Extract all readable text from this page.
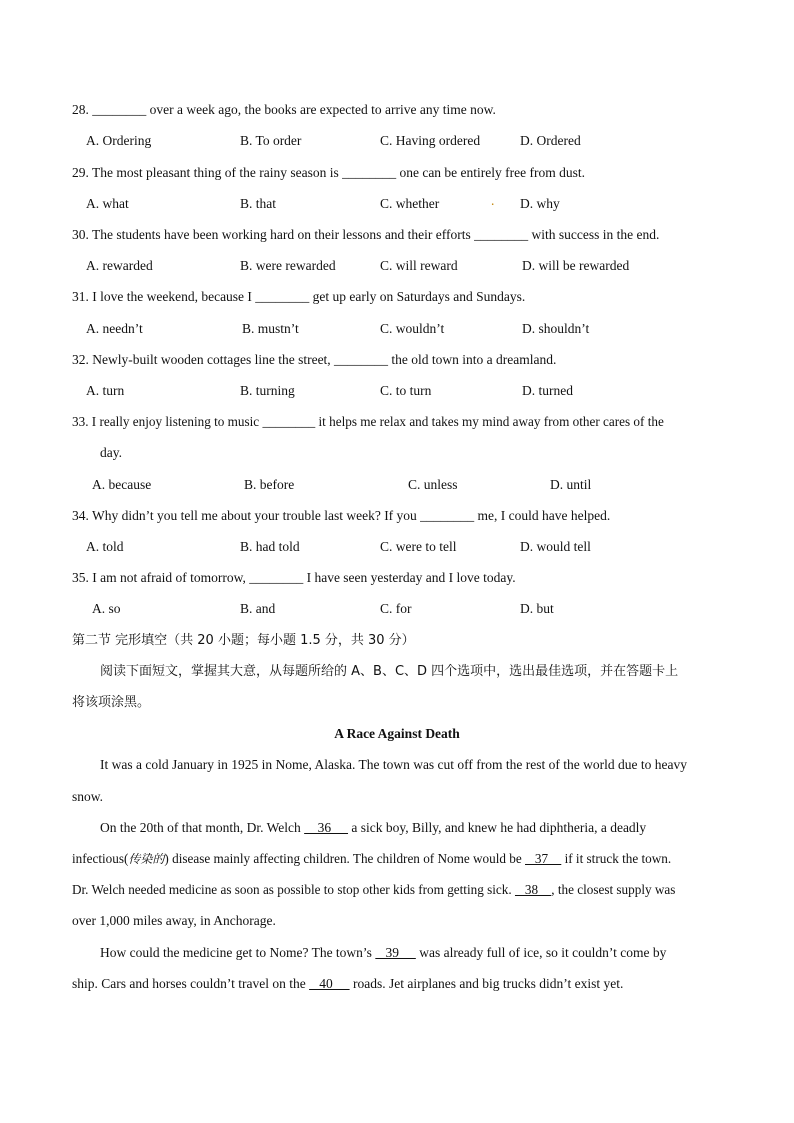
28. ________ over a week ago, the books are expected to arrive any time now.
A. Ordering	B. To order	C. Having ordered	D. Ordered
29. The most pleasant thing of the rainy season is ________ one can be entirely free from dust.
A. what	B. that	C. whether	. D. why
30. The students have been working hard on their lessons and their efforts ________ with success in the end.
A. rewarded	B. were rewarded	C. will reward	D. will be rewarded
31. I love the weekend, because I ________ get up early on Saturdays and Sundays.
A. needn’t	B. mustn’t	C. wouldn’t	D. shouldn’t
32. Newly-built wooden cottages line the street, ________ the old town into a dreamland.
A. turn	B. turning	C. to turn	D. turned
33. I really enjoy listening to music ________ it helps me relax and takes my mind away from other cares of the
day.
A. because	B. before	C. unless	D. until
34. Why didn’t you tell me about your trouble last week? If you ________ me, I could have helped.
A. told	B. had told	C. were to tell	D. would tell
35. I am not afraid of tomorrow, ________ I have seen yesterday and I love today.
A. so	B. and	C. for	D. but
第二节 完形填空（共 20 小题；每小题 1.5 分，共 30 分）
阅读下面短文，掌握其大意，从每题所给的 A、B、C、D 四个选项中，选出最佳选项，并在答题卡上
将该项涂黑。
A Race Against Death
It was a cold January in 1925 in Nome, Alaska. The town was cut off from the rest of the world due to heavy
snow.
On the 20th of that month, Dr. Welch     36      a sick boy, Billy, and knew he had diphtheria, a deadly
infectious(传染的) disease mainly affecting children. The children of Nome would be    37     if it struck the town.
Dr. Welch needed medicine as soon as possible to stop other kids from getting sick.    38    , the closest supply was
over 1,000 miles away, in Anchorage.
How could the medicine get to Nome? The town’s    39      was already full of ice, so it couldn’t come by
ship. Cars and horses couldn’t travel on the    40      roads. Jet airplanes and big trucks didn’t exist yet.
